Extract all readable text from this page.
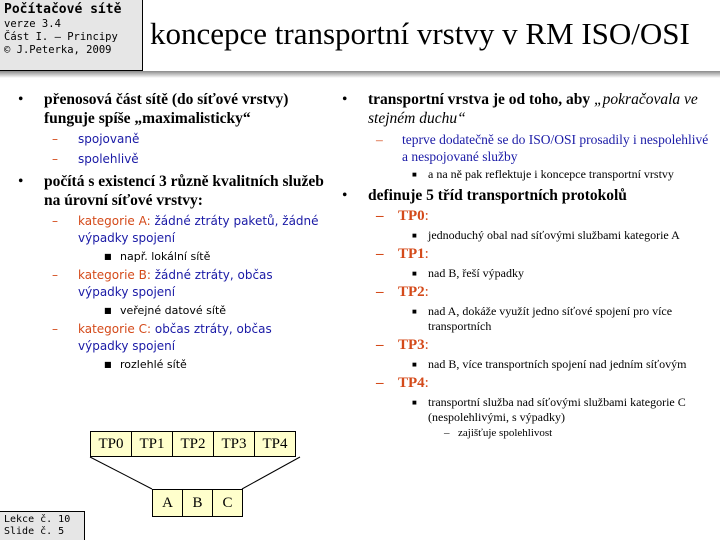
Počítačové sítě
verze 3.4
Část I. – Principy
© J.Peterka, 2009	koncepce transportní vrstvy v RM ISO/OSI
• přenosová část sítě (do síťové vrstvy) funguje spíše „maximalisticky“
– spojovaně
– spolehlivě
• počítá s existencí 3 různě kvalitních služeb na úrovní síťové vrstvy:
– kategorie A: žádné ztráty paketů, žádné výpadky spojení
■ např. lokální sítě
– kategorie B: žádné ztráty, občas výpadky spojení
■ veřejné datové sítě
– kategorie C: občas ztráty, občas výpadky spojení
■ rozlehlé sítě
• transportní vrstva je od toho, aby „pokračovala ve stejném duchu“
– teprve dodatečně se do ISO/OSI prosadily i nespolehlivé a nespojované služby
■ a na ně pak reflektuje i koncepce transportní vrstvy
• definuje 5 tříd transportních protokolů
– TP0:
■ jednoduchý obal nad síťovými službami kategorie A
– TP1:
■ nad B, řeší výpadky
– TP2:
■ nad A, dokáže využít jedno síťové spojení pro více transportních
– TP3:
■ nad B, více transportních spojení nad jedním síťovým
– TP4:
■ transportní služba nad síťovými službami kategorie C (nespolehlivými, s výpadky)
– zajišťuje spolehlivost
TP0	TP1	TP2	TP3	TP4
A	B	C
Lekce č. 10
Slide č. 5
